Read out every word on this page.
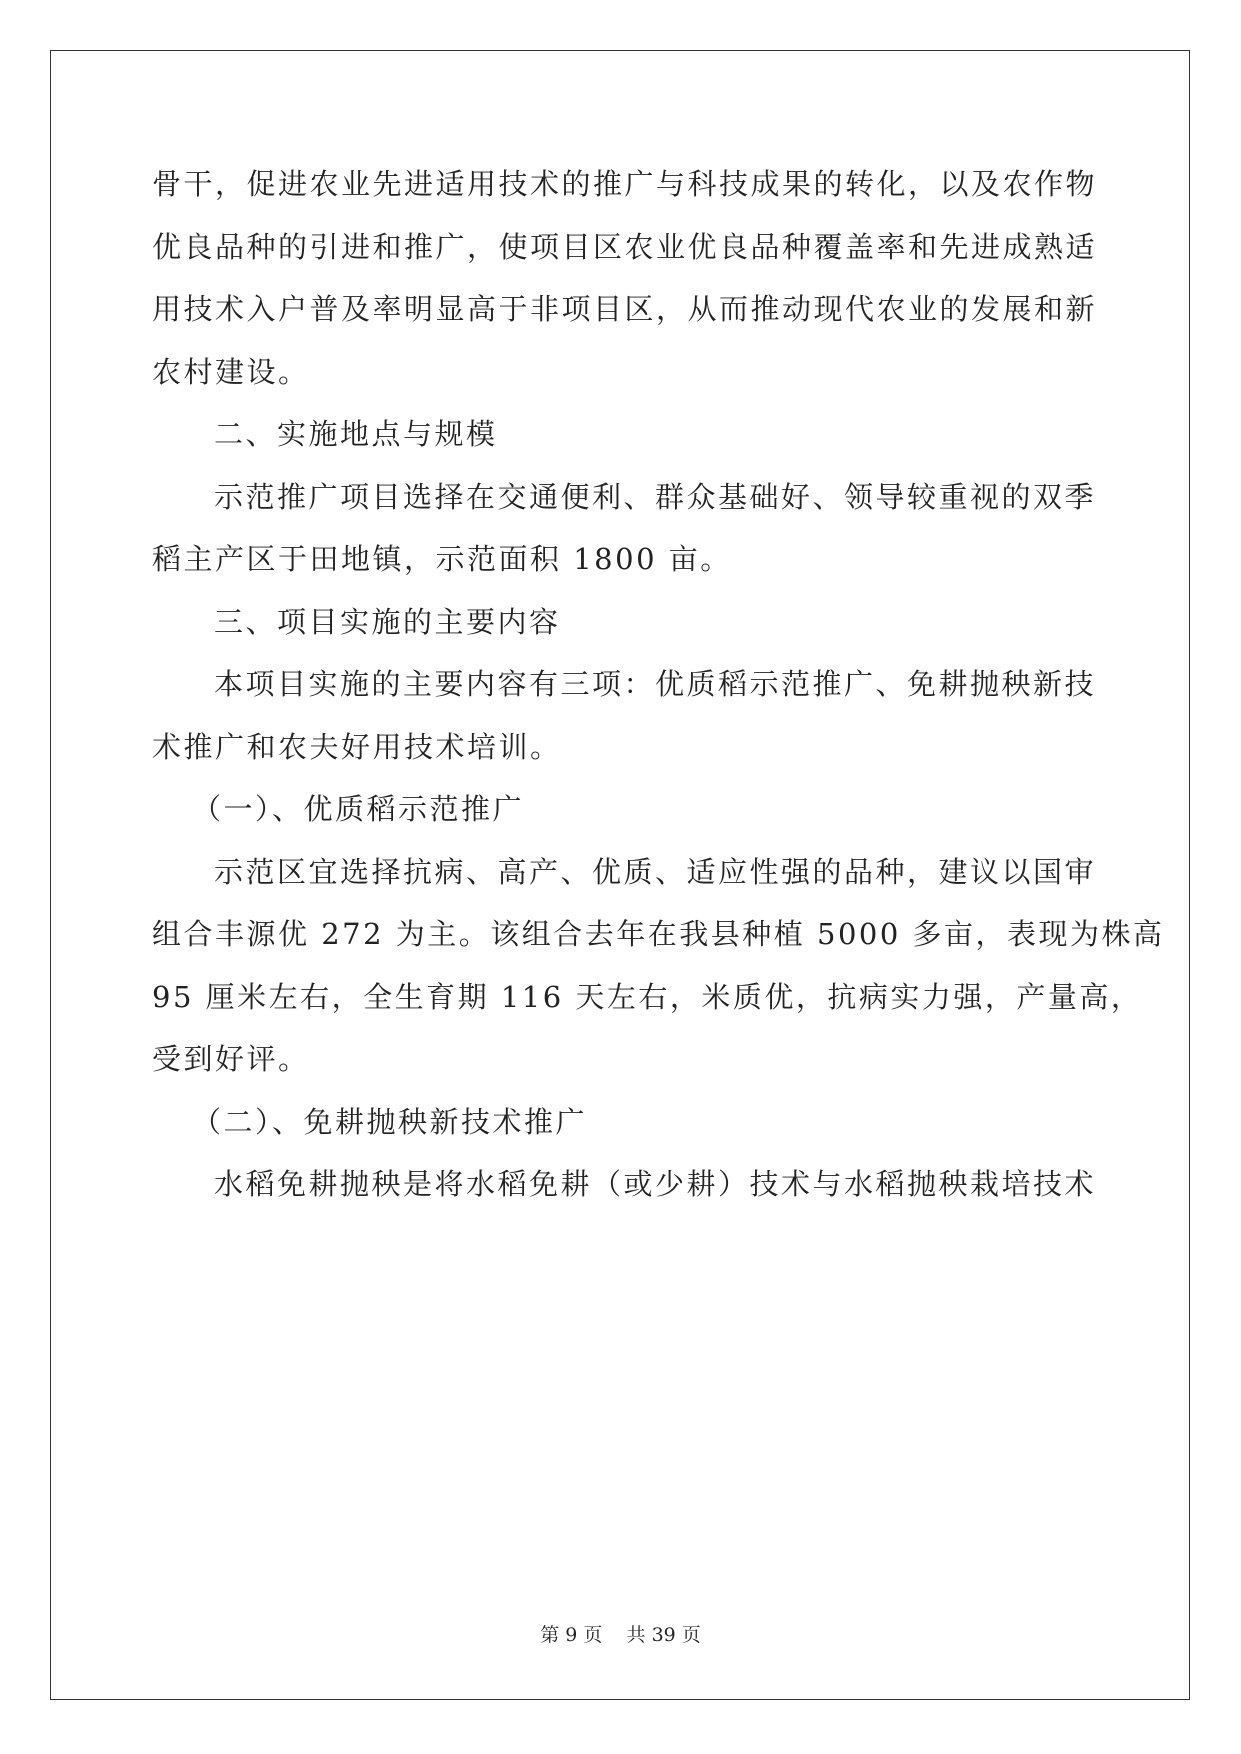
骨干，促进农业先进适用技术的推广与科技成果的转化，以及农作物
优良品种的引进和推广，使项目区农业优良品种覆盖率和先进成熟适
用技术入户普及率明显高于非项目区，从而推动现代农业的发展和新
农村建设。
二、实施地点与规模
示范推广项目选择在交通便利、群众基础好、领导较重视的双季
稻主产区于田地镇，示范面积 1800 亩。
三、项目实施的主要内容
本项目实施的主要内容有三项：优质稻示范推广、免耕抛秧新技
术推广和农夫好用技术培训。
（一）、优质稻示范推广
示范区宜选择抗病、高产、优质、适应性强的品种，建议以国审
组合丰源优 272 为主。该组合去年在我县种植 5000 多亩，表现为株高
95 厘米左右，全生育期 116 天左右，米质优，抗病实力强，产量高，
受到好评。
（二）、免耕抛秧新技术推广
水稻免耕抛秧是将水稻免耕（或少耕）技术与水稻抛秧栽培技术

第 9 页    共 39 页
